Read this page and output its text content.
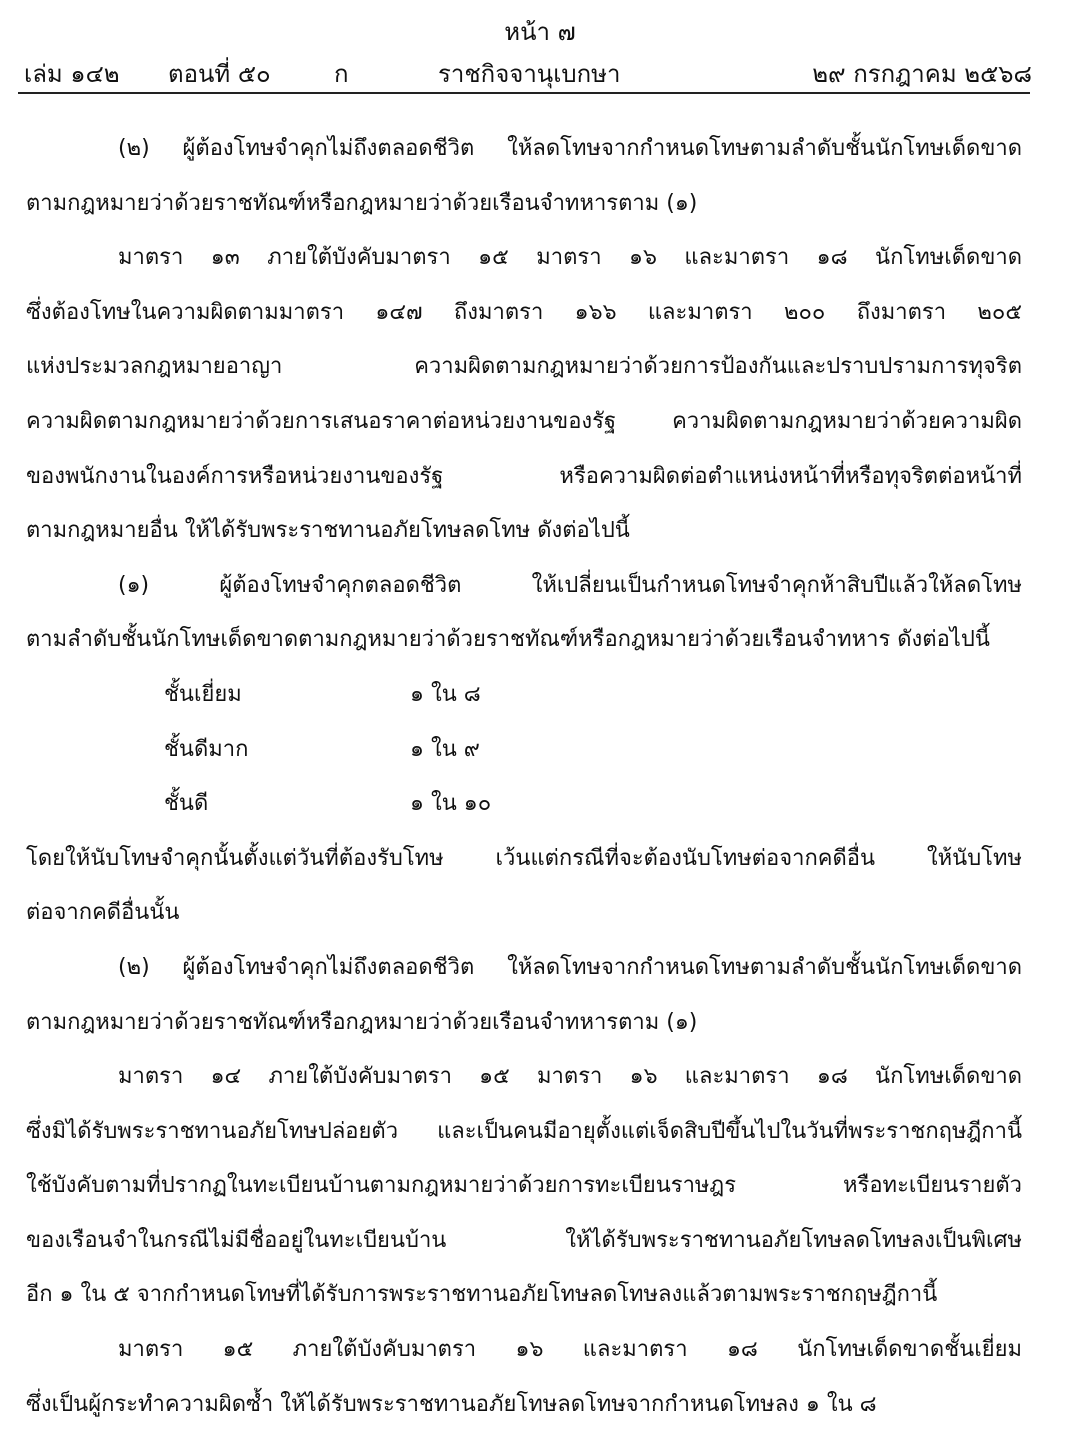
หน้า ๗
เล่ม ๑๔๒ ตอนที่ ๕๐	ก	ราชกิจจานุเบกษา	๒๙ กรกฎาคม ๒๕๖๘
(๒) ผู้ต้องโทษจำคุกไม่ถึงตลอดชีวิต ให้ลดโทษจากกำหนดโทษตามลำดับชั้นนักโทษเด็ดขาด
ตามกฎหมายว่าด้วยราชทัณฑ์หรือกฎหมายว่าด้วยเรือนจำทหารตาม (๑)
มาตรา ๑๓ ภายใต้บังคับมาตรา ๑๕ มาตรา ๑๖ และมาตรา ๑๘ นักโทษเด็ดขาด
ซึ่งต้องโทษในความผิดตามมาตรา ๑๔๗ ถึงมาตรา ๑๖๖ และมาตรา ๒๐๐ ถึงมาตรา ๒๐๕
แห่งประมวลกฎหมายอาญา ความผิดตามกฎหมายว่าด้วยการป้องกันและปราบปรามการทุจริต
ความผิดตามกฎหมายว่าด้วยการเสนอราคาต่อหน่วยงานของรัฐ ความผิดตามกฎหมายว่าด้วยความผิด
ของพนักงานในองค์การหรือหน่วยงานของรัฐ หรือความผิดต่อตำแหน่งหน้าที่หรือทุจริตต่อหน้าที่
ตามกฎหมายอื่น ให้ได้รับพระราชทานอภัยโทษลดโทษ ดังต่อไปนี้
(๑) ผู้ต้องโทษจำคุกตลอดชีวิต ให้เปลี่ยนเป็นกำหนดโทษจำคุกห้าสิบปีแล้วให้ลดโทษ
ตามลำดับชั้นนักโทษเด็ดขาดตามกฎหมายว่าด้วยราชทัณฑ์หรือกฎหมายว่าด้วยเรือนจำทหาร ดังต่อไปนี้
ชั้นเยี่ยม	๑ ใน ๘
ชั้นดีมาก	๑ ใน ๙
ชั้นดี	๑ ใน ๑๐
โดยให้นับโทษจำคุกนั้นตั้งแต่วันที่ต้องรับโทษ เว้นแต่กรณีที่จะต้องนับโทษต่อจากคดีอื่น ให้นับโทษ
ต่อจากคดีอื่นนั้น
(๒) ผู้ต้องโทษจำคุกไม่ถึงตลอดชีวิต ให้ลดโทษจากกำหนดโทษตามลำดับชั้นนักโทษเด็ดขาด
ตามกฎหมายว่าด้วยราชทัณฑ์หรือกฎหมายว่าด้วยเรือนจำทหารตาม (๑)
มาตรา ๑๔ ภายใต้บังคับมาตรา ๑๕ มาตรา ๑๖ และมาตรา ๑๘ นักโทษเด็ดขาด
ซึ่งมิได้รับพระราชทานอภัยโทษปล่อยตัว และเป็นคนมีอายุตั้งแต่เจ็ดสิบปีขึ้นไปในวันที่พระราชกฤษฎีกานี้
ใช้บังคับตามที่ปรากฏในทะเบียนบ้านตามกฎหมายว่าด้วยการทะเบียนราษฎร หรือทะเบียนรายตัว
ของเรือนจำในกรณีไม่มีชื่ออยู่ในทะเบียนบ้าน ให้ได้รับพระราชทานอภัยโทษลดโทษลงเป็นพิเศษ
อีก ๑ ใน ๕ จากกำหนดโทษที่ได้รับการพระราชทานอภัยโทษลดโทษลงแล้วตามพระราชกฤษฎีกานี้
มาตรา ๑๕ ภายใต้บังคับมาตรา ๑๖ และมาตรา ๑๘ นักโทษเด็ดขาดชั้นเยี่ยม
ซึ่งเป็นผู้กระทำความผิดซ้ำ ให้ได้รับพระราชทานอภัยโทษลดโทษจากกำหนดโทษลง ๑ ใน ๘
